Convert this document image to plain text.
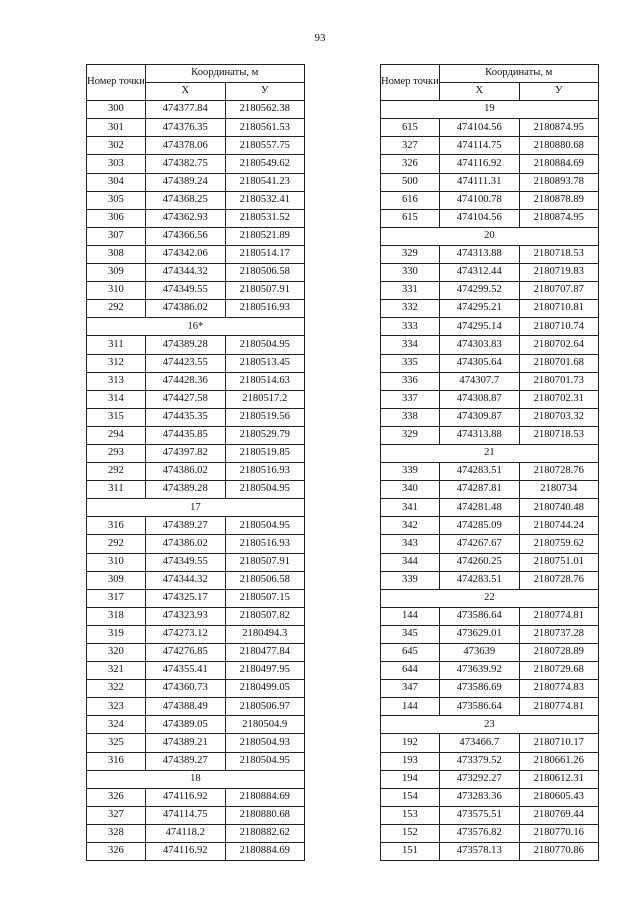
93
Номер точки	Координаты, м	
	X	У
300	474377.84	2180562.38
301	474376.35	2180561.53
302	474378.06	2180557.75
303	474382.75	2180549.62
304	474389.24	2180541.23
305	474368.25	2180532.41
306	474362.93	2180531.52
307	474366.56	2180521.89
308	474342.06	2180514.17
309	474344.32	2180506.58
310	474349.55	2180507.91
292	474386.02	2180516.93
16*		
311	474389.28	2180504.95
312	474423.55	2180513.45
313	474428.36	2180514.63
314	474427.58	2180517.2
315	474435.35	2180519.56
294	474435.85	2180529.79
293	474397.82	2180519.85
292	474386.02	2180516.93
311	474389.28	2180504.95
17		
316	474389.27	2180504.95
292	474386.02	2180516.93
310	474349.55	2180507.91
309	474344.32	2180506.58
317	474325.17	2180507.15
318	474323.93	2180507.82
319	474273.12	2180494.3
320	474276.85	2180477.84
321	474355.41	2180497.95
322	474360.73	2180499.05
323	474388.49	2180506.97
324	474389.05	2180504.9
325	474389.21	2180504.93
316	474389.27	2180504.95
18		
326	474116.92	2180884.69
327	474114.75	2180880.68
328	474118.2	2180882.62
326	474116.92	2180884.69
Номер точки	Координаты, м	
	X	У
19		
615	474104.56	2180874.95
327	474114.75	2180880.68
326	474116.92	2180884.69
500	474111.31	2180893.78
616	474100.78	2180878.89
615	474104.56	2180874.95
20		
329	474313.88	2180718.53
330	474312.44	2180719.83
331	474299.52	2180707.87
332	474295.21	2180710.81
333	474295.14	2180710.74
334	474303.83	2180702.64
335	474305.64	2180701.68
336	474307.7	2180701.73
337	474308.87	2180702.31
338	474309.87	2180703.32
329	474313.88	2180718.53
21		
339	474283.51	2180728.76
340	474287.81	2180734
341	474281.48	2180740.48
342	474285.09	2180744.24
343	474267.67	2180759.62
344	474260.25	2180751.01
339	474283.51	2180728.76
22		
144	473586.64	2180774.81
345	473629.01	2180737.28
645	473639	2180728.89
644	473639.92	2180729.68
347	473586.69	2180774.83
144	473586.64	2180774.81
23		
192	473466.7	2180710.17
193	473379.52	2180661.26
194	473292.27	2180612.31
154	473283.36	2180605.43
153	473575.51	2180769.44
152	473576.82	2180770.16
151	473578.13	2180770.86
